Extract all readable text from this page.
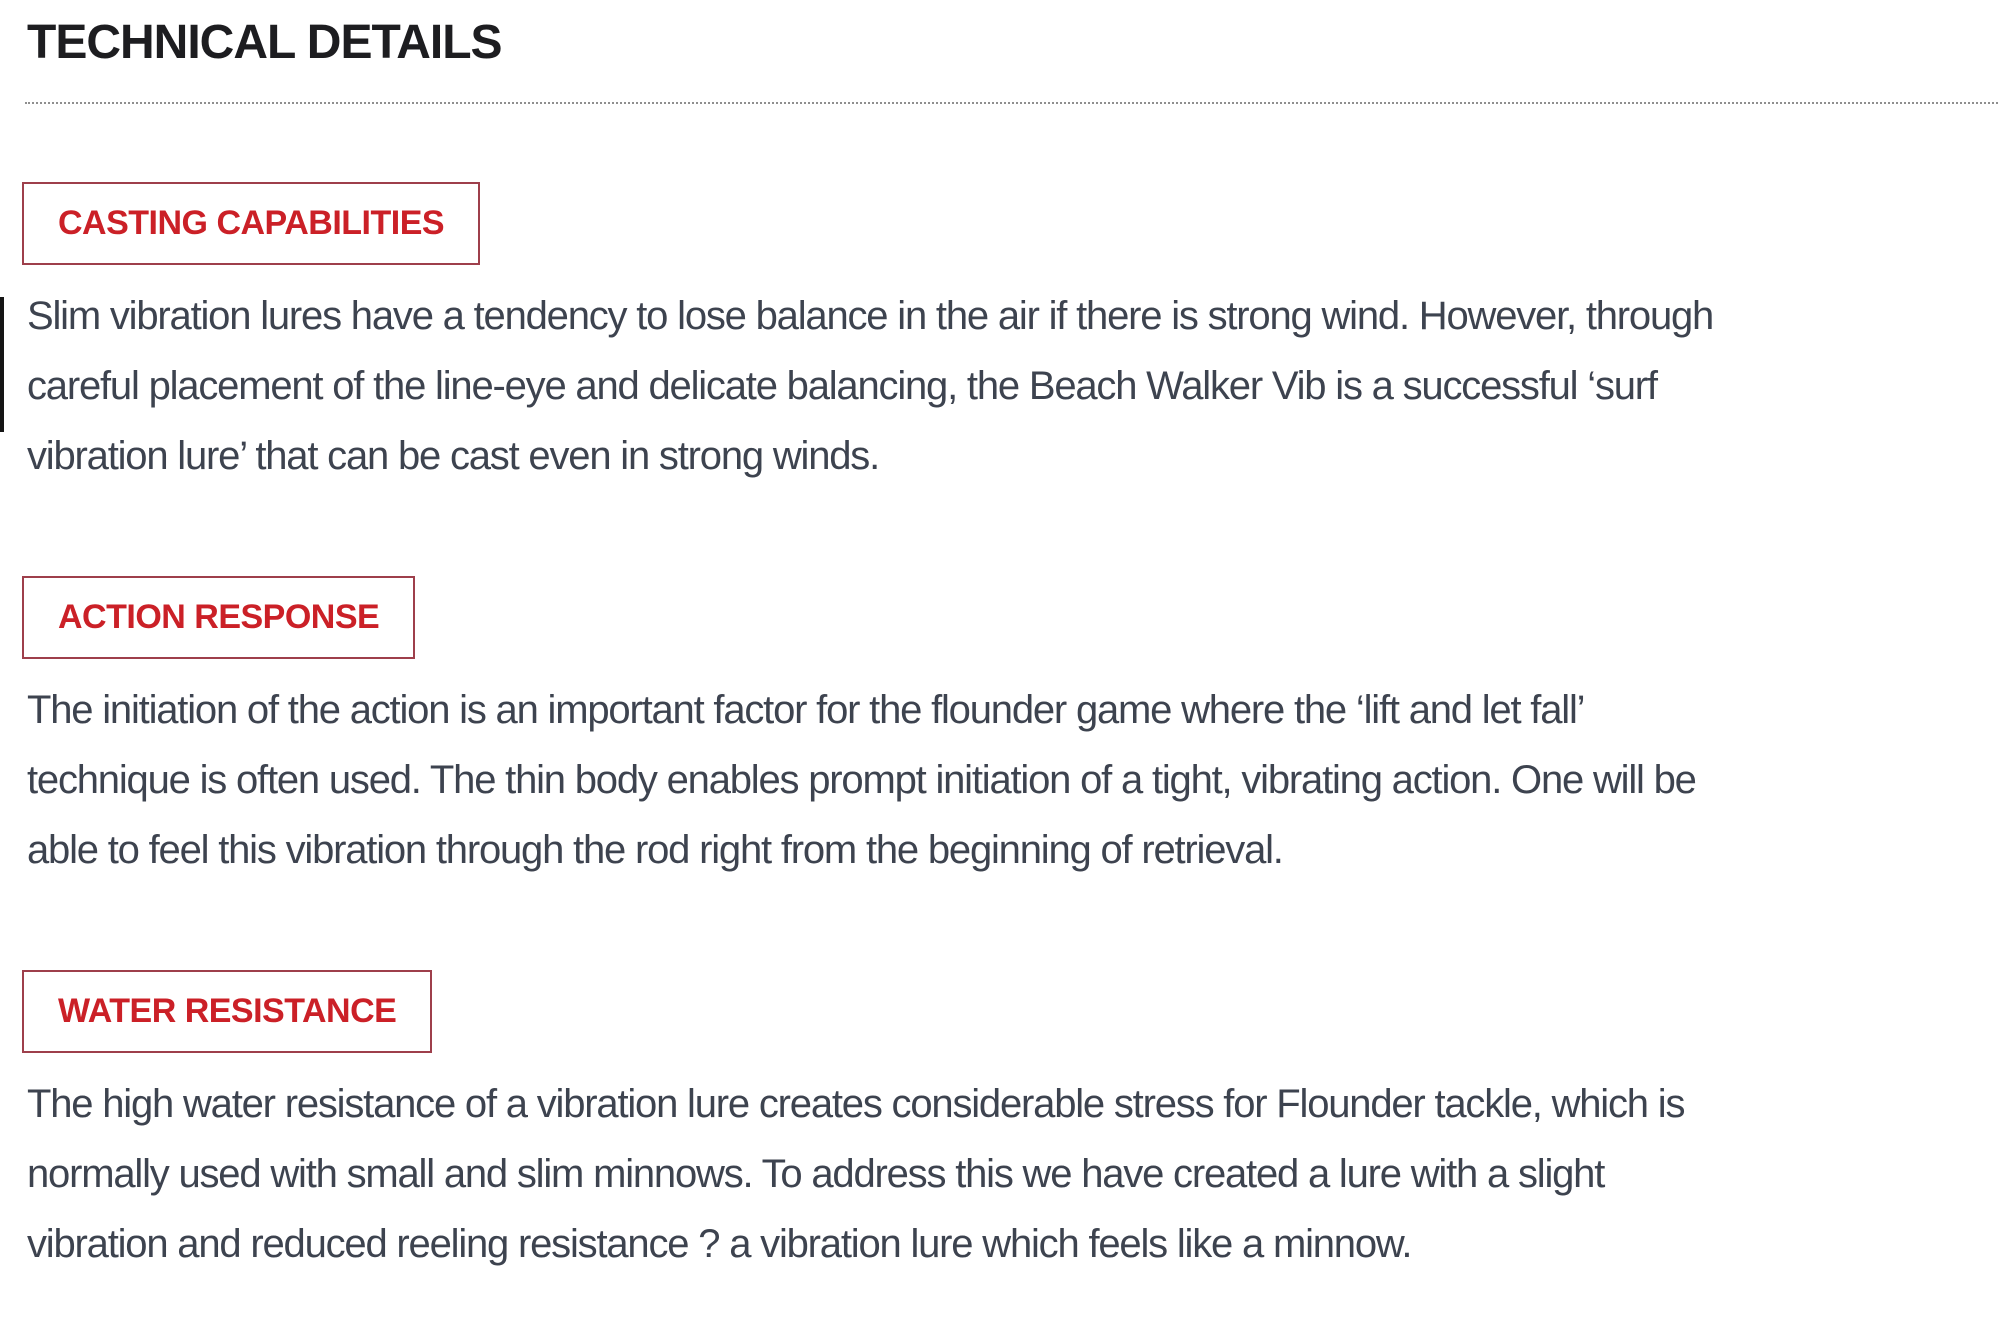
TECHNICAL DETAILS
CASTING CAPABILITIES
Slim vibration lures have a tendency to lose balance in the air if there is strong wind. However, through
careful placement of the line-eye and delicate balancing, the Beach Walker Vib is a successful ‘surf
vibration lure’ that can be cast even in strong winds.
ACTION RESPONSE
The initiation of the action is an important factor for the flounder game where the ‘lift and let fall’
technique is often used. The thin body enables prompt initiation of a tight, vibrating action. One will be
able to feel this vibration through the rod right from the beginning of retrieval.
WATER RESISTANCE
The high water resistance of a vibration lure creates considerable stress for Flounder tackle, which is
normally used with small and slim minnows. To address this we have created a lure with a slight
vibration and reduced reeling resistance ? a vibration lure which feels like a minnow.
